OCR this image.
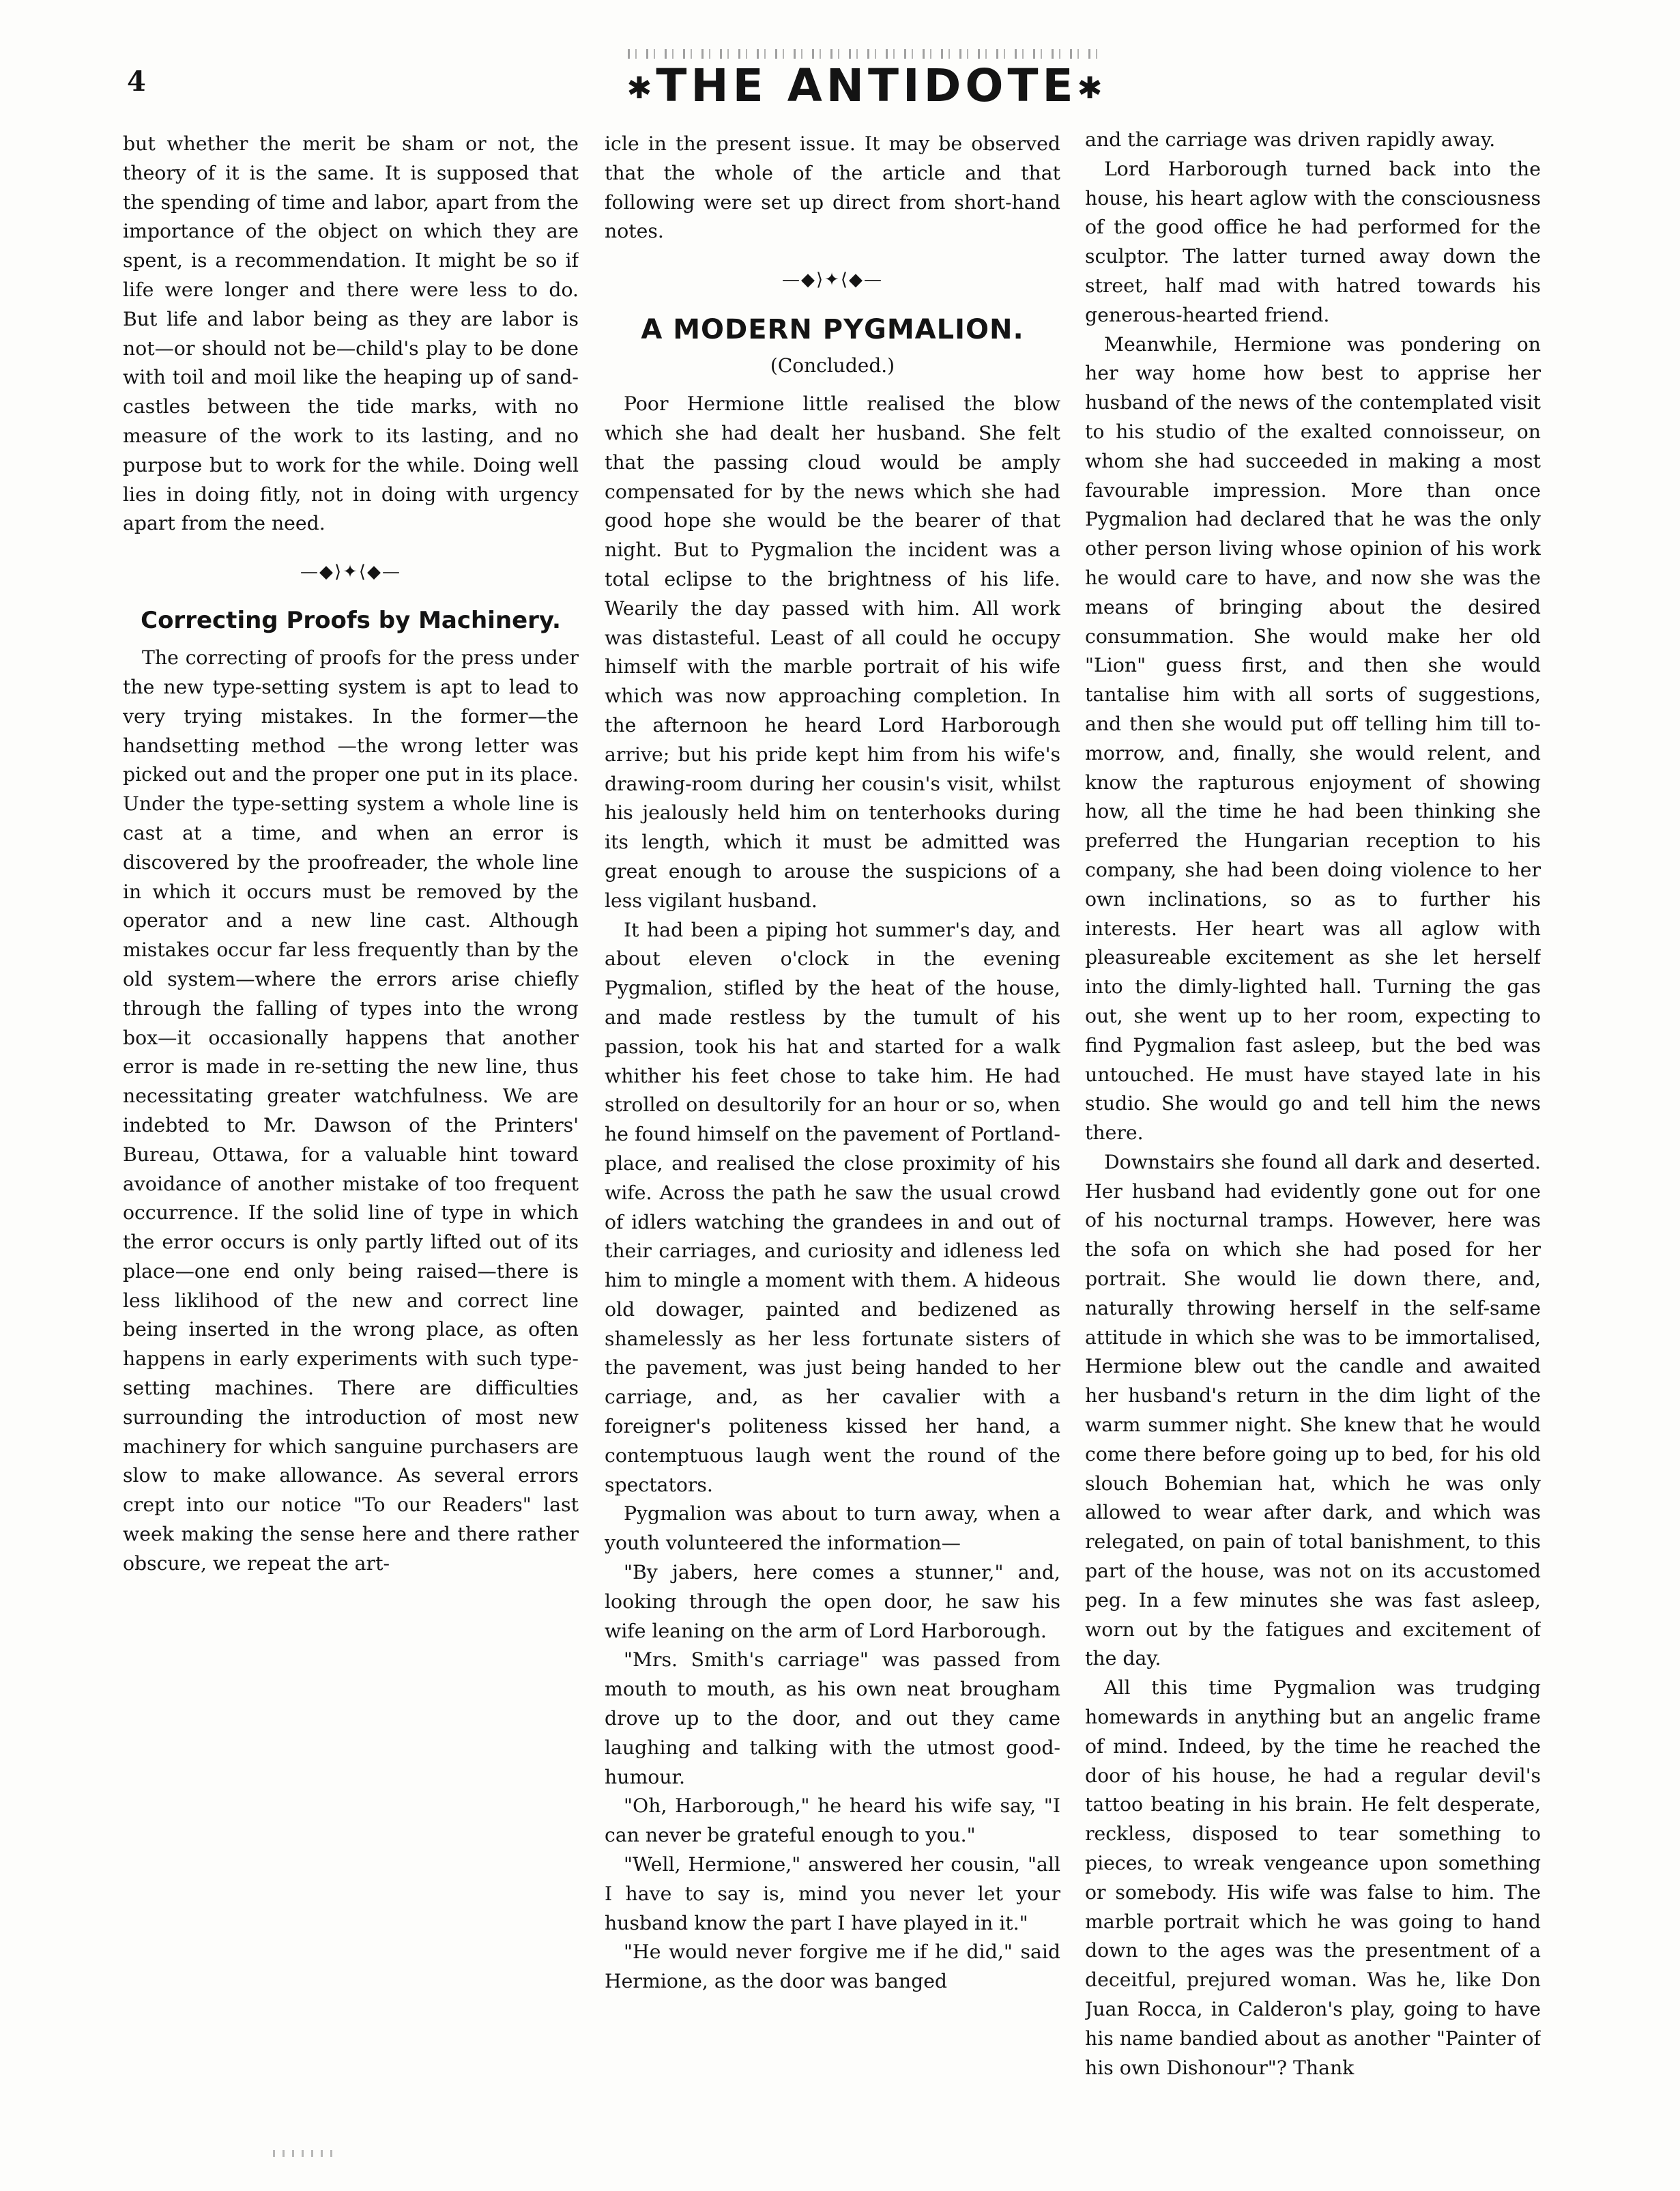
4	✱THE ANTIDOTE✱

but whether the merit be sham or not, the theory of it is the same. It is supposed that the spending of time and labor, apart from the importance of the object on which they are spent, is a recommendation. It might be so if life were longer and there were less to do. But life and labor being as they are labor is not—or should not be—child's play to be done with toil and moil like the heaping up of sand-castles between the tide marks, with no measure of the work to its lasting, and no purpose but to work for the while. Doing well lies in doing fitly, not in doing with urgency apart from the need.

—◆⟩✦⟨◆—
Correcting Proofs by Machinery.

The correcting of proofs for the press under the new type-setting system is apt to lead to very trying mistakes. In the former—the handsetting method —the wrong letter was picked out and the proper one put in its place. Under the type-setting system a whole line is cast at a time, and when an error is discovered by the proofreader, the whole line in which it occurs must be removed by the operator and a new line cast. Although mistakes occur far less frequently than by the old system—where the errors arise chiefly through the falling of types into the wrong box—it occasionally happens that another error is made in re-setting the new line, thus necessitating greater watchfulness. We are indebted to Mr. Dawson of the Printers' Bureau, Ottawa, for a valuable hint toward avoidance of another mistake of too frequent occurrence. If the solid line of type in which the error occurs is only partly lifted out of its place—one end only being raised—there is less liklihood of the new and correct line being inserted in the wrong place, as often happens in early experiments with such type-setting machines. There are difficulties surrounding the introduction of most new machinery for which sanguine purchasers are slow to make allowance. As several errors crept into our notice "To our Readers" last week making the sense here and there rather obscure, we repeat the art-

icle in the present issue. It may be observed that the whole of the article and that following were set up direct from short-hand notes.

—◆⟩✦⟨◆—
A MODERN PYGMALION.
(Concluded.)

Poor Hermione little realised the blow which she had dealt her husband. She felt that the passing cloud would be amply compensated for by the news which she had good hope she would be the bearer of that night. But to Pygmalion the incident was a total eclipse to the brightness of his life. Wearily the day passed with him. All work was distasteful. Least of all could he occupy himself with the marble portrait of his wife which was now approaching completion. In the afternoon he heard Lord Harborough arrive; but his pride kept him from his wife's drawing-room during her cousin's visit, whilst his jealously held him on tenterhooks during its length, which it must be admitted was great enough to arouse the suspicions of a less vigilant husband.

It had been a piping hot summer's day, and about eleven o'clock in the evening Pygmalion, stifled by the heat of the house, and made restless by the tumult of his passion, took his hat and started for a walk whither his feet chose to take him. He had strolled on desultorily for an hour or so, when he found himself on the pavement of Portland-place, and realised the close proximity of his wife. Across the path he saw the usual crowd of idlers watching the grandees in and out of their carriages, and curiosity and idleness led him to mingle a moment with them. A hideous old dowager, painted and bedizened as shamelessly as her less fortunate sisters of the pavement, was just being handed to her carriage, and, as her cavalier with a foreigner's politeness kissed her hand, a contemptuous laugh went the round of the spectators.

Pygmalion was about to turn away, when a youth volunteered the information—

"By jabers, here comes a stunner," and, looking through the open door, he saw his wife leaning on the arm of Lord Harborough.

"Mrs. Smith's carriage" was passed from mouth to mouth, as his own neat brougham drove up to the door, and out they came laughing and talking with the utmost good-humour.

"Oh, Harborough," he heard his wife say, "I can never be grateful enough to you."

"Well, Hermione," answered her cousin, "all I have to say is, mind you never let your husband know the part I have played in it."

"He would never forgive me if he did," said Hermione, as the door was banged

and the carriage was driven rapidly away.

Lord Harborough turned back into the house, his heart aglow with the consciousness of the good office he had performed for the sculptor. The latter turned away down the street, half mad with hatred towards his generous-hearted friend.

Meanwhile, Hermione was pondering on her way home how best to apprise her husband of the news of the contemplated visit to his studio of the exalted connoisseur, on whom she had succeeded in making a most favourable impression. More than once Pygmalion had declared that he was the only other person living whose opinion of his work he would care to have, and now she was the means of bringing about the desired consummation. She would make her old "Lion" guess first, and then she would tantalise him with all sorts of suggestions, and then she would put off telling him till to-morrow, and, finally, she would relent, and know the rapturous enjoyment of showing how, all the time he had been thinking she preferred the Hungarian reception to his company, she had been doing violence to her own inclinations, so as to further his interests. Her heart was all aglow with pleasureable excitement as she let herself into the dimly-lighted hall. Turning the gas out, she went up to her room, expecting to find Pygmalion fast asleep, but the bed was untouched. He must have stayed late in his studio. She would go and tell him the news there.

Downstairs she found all dark and deserted. Her husband had evidently gone out for one of his nocturnal tramps. However, here was the sofa on which she had posed for her portrait. She would lie down there, and, naturally throwing herself in the self-same attitude in which she was to be immortalised, Hermione blew out the candle and awaited her husband's return in the dim light of the warm summer night. She knew that he would come there before going up to bed, for his old slouch Bohemian hat, which he was only allowed to wear after dark, and which was relegated, on pain of total banishment, to this part of the house, was not on its accustomed peg. In a few minutes she was fast asleep, worn out by the fatigues and excitement of the day.

All this time Pygmalion was trudging homewards in anything but an angelic frame of mind. Indeed, by the time he reached the door of his house, he had a regular devil's tattoo beating in his brain. He felt desperate, reckless, disposed to tear something to pieces, to wreak vengeance upon something or somebody. His wife was false to him. The marble portrait which he was going to hand down to the ages was the presentment of a deceitful, prejured woman. Was he, like Don Juan Rocca, in Calderon's play, going to have his name bandied about as another "Painter of his own Dishonour"? Thank
